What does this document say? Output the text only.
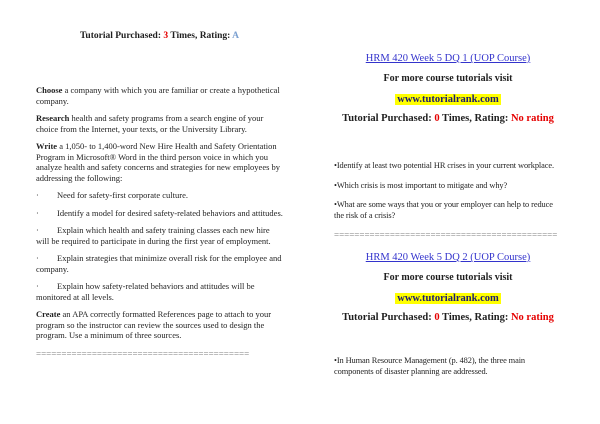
Tutorial Purchased: 3 Times, Rating: A

Choose a company with which you are familiar or create a hypothetical company.

Research health and safety programs from a search engine of your choice from the Internet, your texts, or the University Library.

Write a 1,050- to 1,400-word New Hire Health and Safety Orientation Program in Microsoft® Word in the third person voice in which you analyze health and safety concerns and strategies for new employees by addressing the following:

· Need for safety-first corporate culture.

· Identify a model for desired safety-related behaviors and attitudes.

· Explain which health and safety training classes each new hire will be required to participate in during the first year of employment.

· Explain strategies that minimize overall risk for the employee and company.

· Explain how safety-related behaviors and attitudes will be monitored at all levels.

Create an APA correctly formatted References page to attach to your program so the instructor can review the sources used to design the program. Use a minimum of three sources.

==========================================

HRM 420 Week 5 DQ 1 (UOP Course)

For more course tutorials visit

www.tutorialrank.com

Tutorial Purchased: 0 Times, Rating: No rating

•Identify at least two potential HR crises in your current workplace.

•Which crisis is most important to mitigate and why?

•What are some ways that you or your employer can help to reduce the risk of a crisis?

============================================

HRM 420 Week 5 DQ 2 (UOP Course)

For more course tutorials visit

www.tutorialrank.com

Tutorial Purchased: 0 Times, Rating: No rating

•In Human Resource Management (p. 482), the three main components of disaster planning are addressed.
